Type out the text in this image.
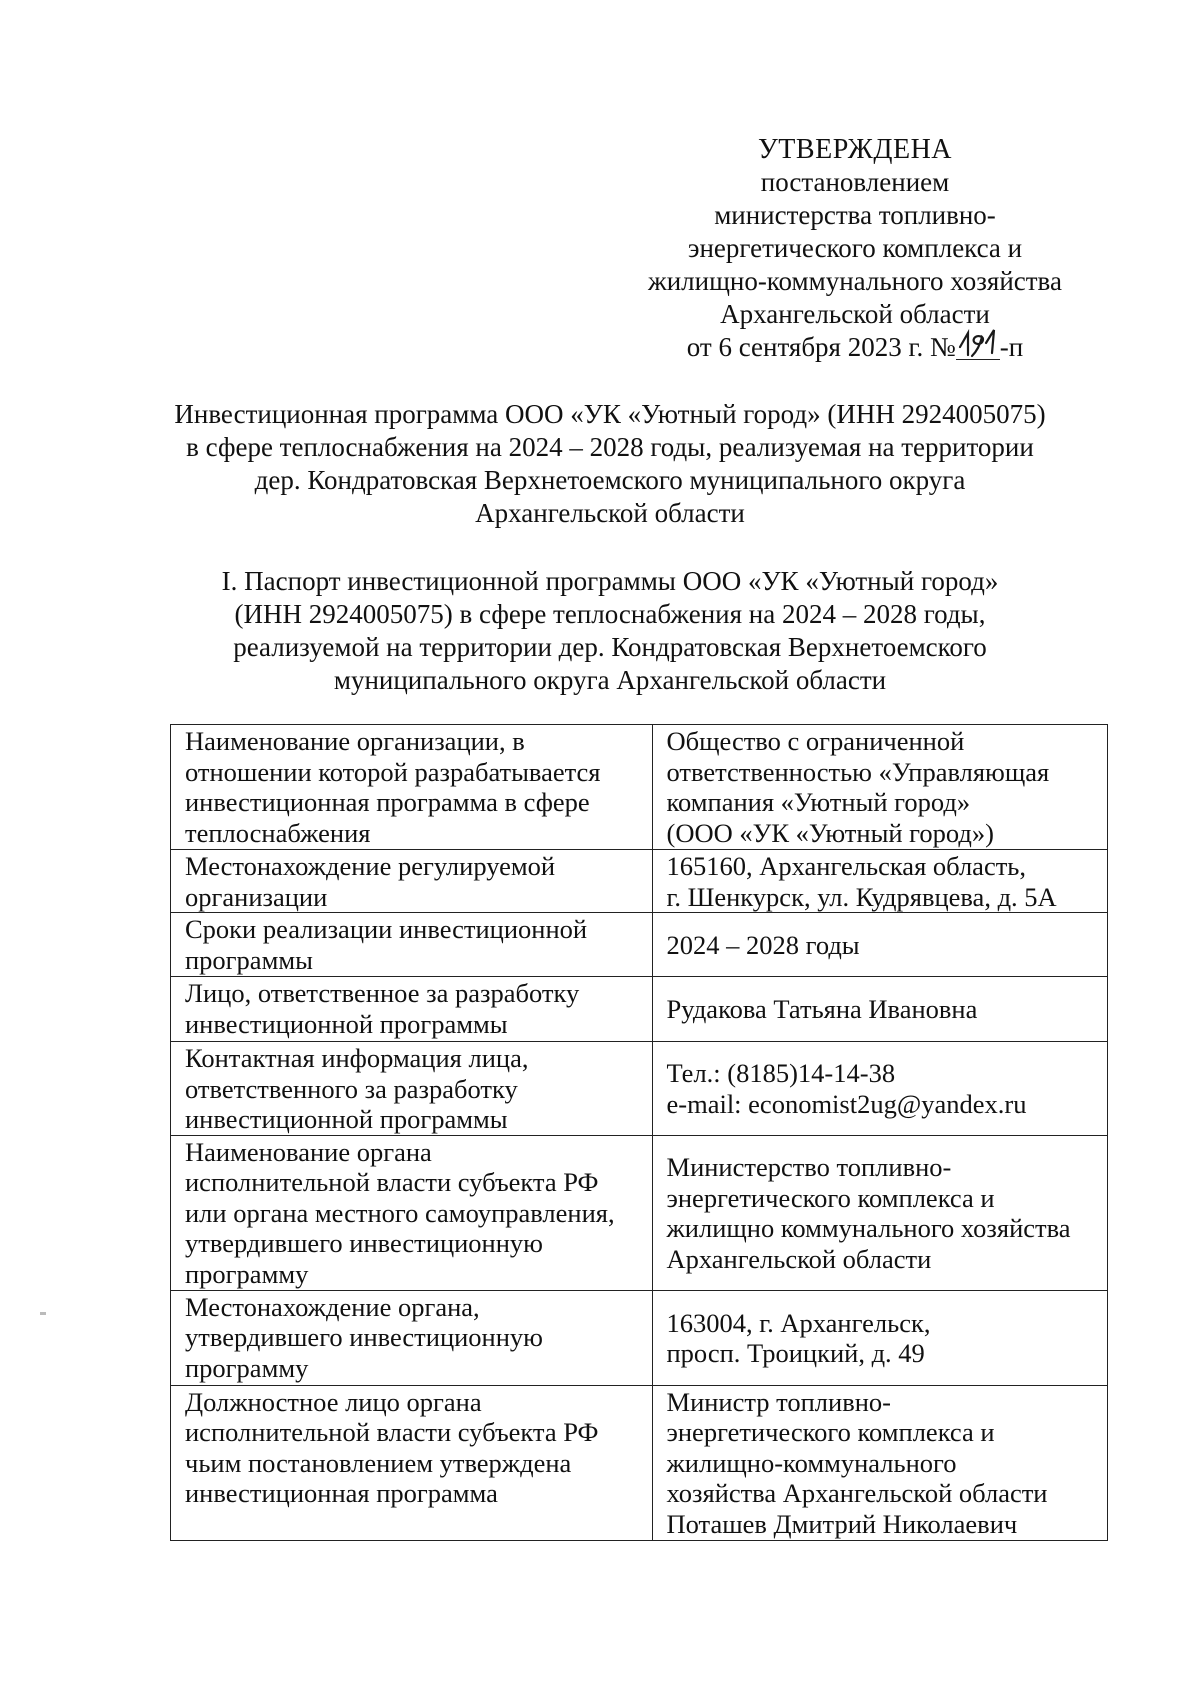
УТВЕРЖДЕНА
постановлением
министерства топливно-
энергетического комплекса и
жилищно-коммунального хозяйства
Архангельской области
от 6 сентября 2023 г. № -п
Инвестиционная программа ООО «УК «Уютный город» (ИНН 2924005075)
в сфере теплоснабжения на 2024 – 2028 годы, реализуемая на территории
дер. Кондратовская Верхнетоемского муниципального округа
Архангельской области
I. Паспорт инвестиционной программы ООО «УК «Уютный город»
(ИНН 2924005075) в сфере теплоснабжения на 2024 – 2028 годы,
реализуемой на территории дер. Кондратовская Верхнетоемского
муниципального округа Архангельской области
Наименование организации, в
отношении которой разрабатывается
инвестиционная программа в сфере
теплоснабжения	Общество с ограниченной
ответственностью «Управляющая
компания «Уютный город»
(ООО «УК «Уютный город»)

Местонахождение регулируемой
организации	165160, Архангельская область,
г. Шенкурск, ул. Кудрявцева, д. 5А

Сроки реализации инвестиционной
программы	2024 – 2028 годы

Лицо, ответственное за разработку
инвестиционной программы	Рудакова Татьяна Ивановна

Контактная информация лица,
ответственного за разработку
инвестиционной программы	Тел.: (8185)14-14-38
e-mail: economist2ug@yandex.ru

Наименование органа
исполнительной власти субъекта РФ
или органа местного самоуправления,
утвердившего инвестиционную
программу	Министерство топливно-
энергетического комплекса и
жилищно коммунального хозяйства
Архангельской области

Местонахождение органа,
утвердившего инвестиционную
программу	163004, г. Архангельск,
просп. Троицкий, д. 49

Должностное лицо органа
исполнительной власти субъекта РФ
чьим постановлением утверждена
инвестиционная программа	Министр топливно-
энергетического комплекса и
жилищно-коммунального
хозяйства Архангельской области
Поташев Дмитрий Николаевич
